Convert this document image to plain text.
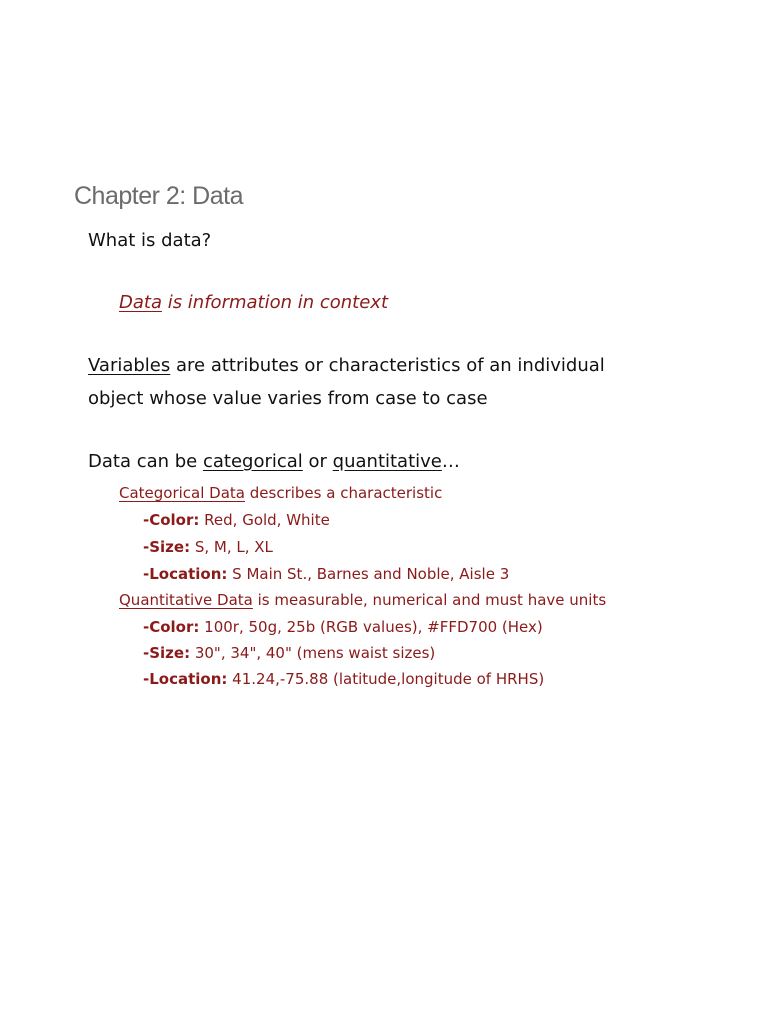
Chapter 2: Data
What is data?
Data is information in context
Variables are attributes or characteristics of an individual
object whose value varies from case to case
Data can be categorical or quantitative…
Categorical Data describes a characteristic
-Color: Red, Gold, White
-Size: S, M, L, XL
-Location: S Main St., Barnes and Noble, Aisle 3
Quantitative Data is measurable, numerical and must have units
-Color: 100r, 50g, 25b (RGB values), #FFD700 (Hex)
-Size: 30", 34", 40" (mens waist sizes)
-Location: 41.24,-75.88 (latitude,longitude of HRHS)
